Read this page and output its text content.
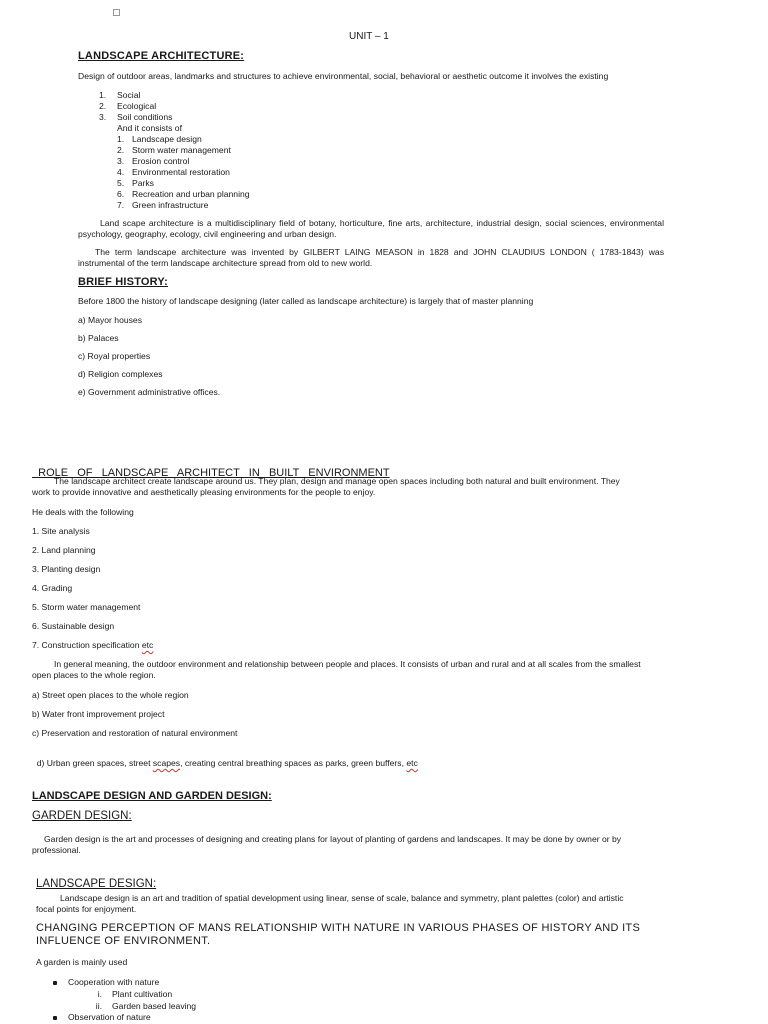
UNIT – 1
LANDSCAPE ARCHITECTURE:
Design of outdoor areas, landmarks and structures to achieve environmental, social, behavioral or aesthetic outcome it involves the existing
1. Social
2. Ecological
3. Soil conditions
And it consists of
1. Landscape design
2. Storm water management
3. Erosion control
4. Environmental restoration
5. Parks
6. Recreation and urban planning
7. Green infrastructure
Land scape architecture is a multidisciplinary field of botany, horticulture, fine arts, architecture, industrial design, social sciences, environmental psychology, geography, ecology, civil engineering and urban design.
The term landscape architecture was invented by GILBERT LAING MEASON in 1828 and JOHN CLAUDIUS LONDON ( 1783-1843) was instrumental of the term landscape architecture spread from old to new world.
BRIEF HISTORY:
Before 1800 the history of landscape designing (later called as landscape architecture) is largely that of master planning
a) Mayor houses
b) Palaces
c) Royal properties
d) Religion complexes
e) Government administrative offices.

ROLE   OF   LANDSCAPE   ARCHITECT   IN   BUILT   ENVIRONMENT

The landscape architect create landscape around us. They plan, design and manage open spaces including both natural and built environment. They work to provide innovative and aesthetically pleasing environments for the people to enjoy.
He deals with the following
1. Site analysis
2. Land planning
3. Planting design
4. Grading
5. Storm water management
6. Sustainable design
7. Construction specification etc
In general meaning, the outdoor environment and relationship between people and places. It consists of urban and rural and at all scales from the smallest open places to the whole region.
a) Street open places to the whole region
b) Water front improvement project
c) Preservation and restoration of natural environment

d) Urban green spaces, street scapes, creating central breathing spaces as parks, green buffers, etc

LANDSCAPE DESIGN AND GARDEN DESIGN:
GARDEN DESIGN:
Garden design is the art and processes of designing and creating plans for layout of planting of gardens and landscapes. It may be done by owner or by professional.
LANDSCAPE DESIGN:
Landscape design is an art and tradition of spatial development using linear, sense of scale, balance and symmetry, plant palettes (color) and artistic focal points for enjoyment.
CHANGING PERCEPTION OF MANS RELATIONSHIP WITH NATURE IN VARIOUS PHASES OF HISTORY AND ITS INFLUENCE OF ENVIRONMENT.
A garden is mainly used
Cooperation with nature
i. Plant cultivation
ii. Garden based leaving
Observation of nature
